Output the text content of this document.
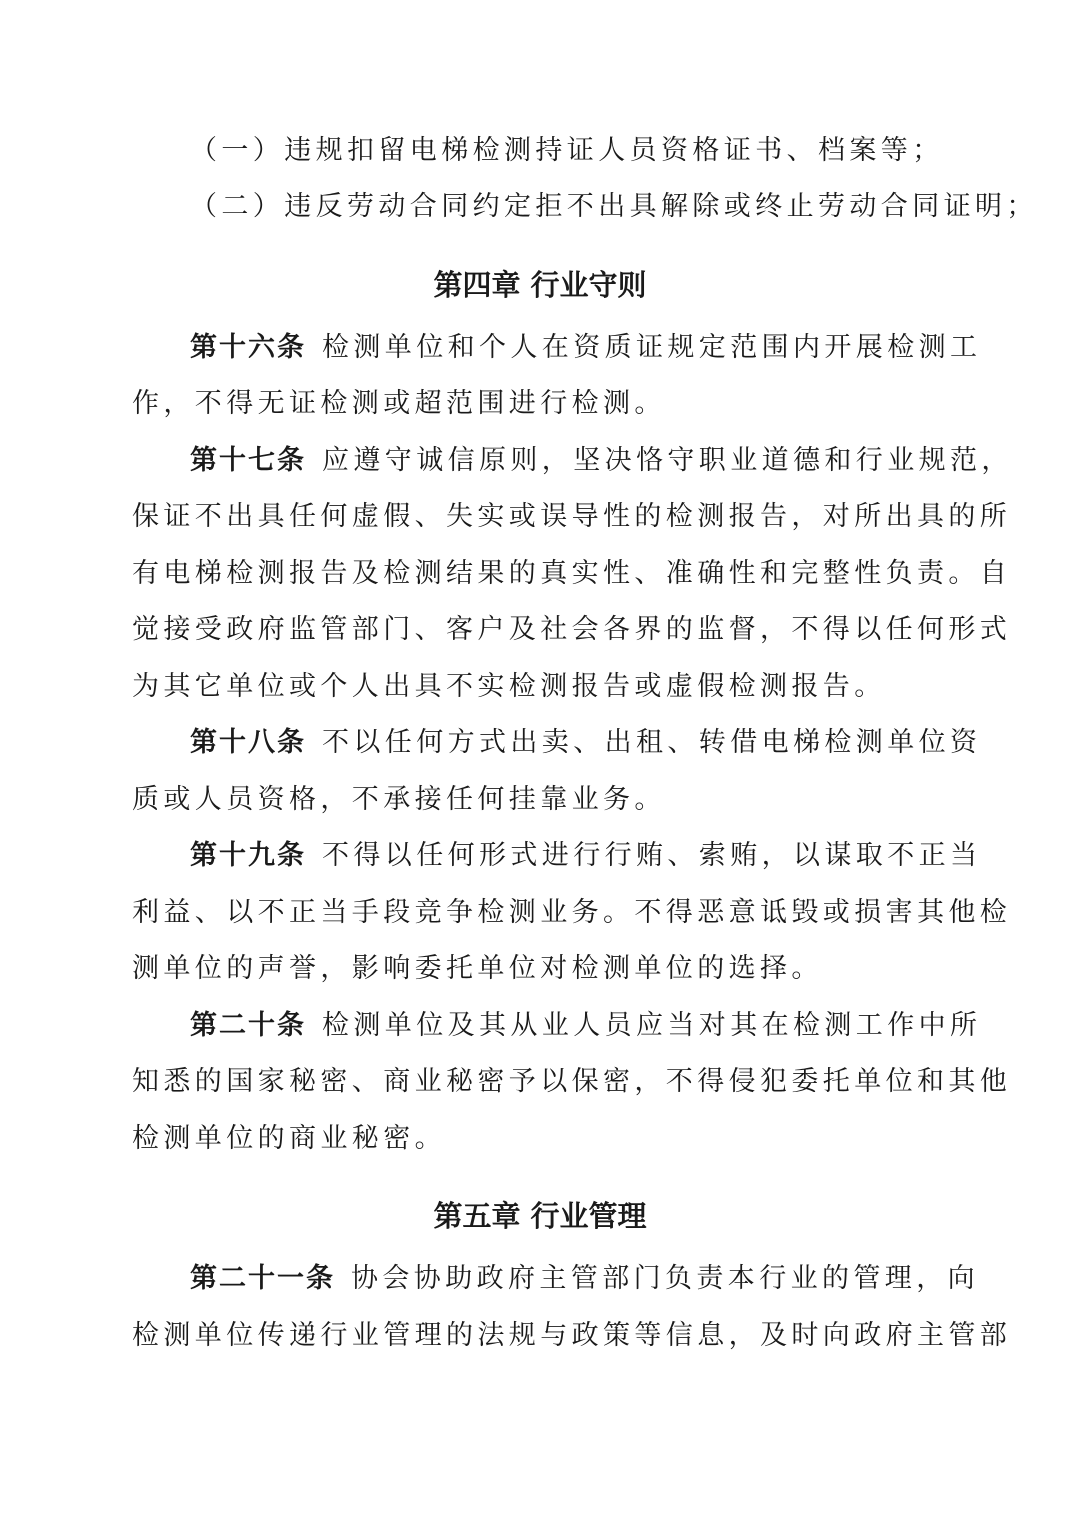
（一）违规扣留电梯检测持证人员资格证书、档案等；
（二）违反劳动合同约定拒不出具解除或终止劳动合同证明；
第四章 行业守则
第十六条 检测单位和个人在资质证规定范围内开展检测工
作，不得无证检测或超范围进行检测。
第十七条 应遵守诚信原则，坚决恪守职业道德和行业规范，
保证不出具任何虚假、失实或误导性的检测报告，对所出具的所
有电梯检测报告及检测结果的真实性、准确性和完整性负责。自
觉接受政府监管部门、客户及社会各界的监督，不得以任何形式
为其它单位或个人出具不实检测报告或虚假检测报告。
第十八条 不以任何方式出卖、出租、转借电梯检测单位资
质或人员资格，不承接任何挂靠业务。
第十九条 不得以任何形式进行行贿、索贿，以谋取不正当
利益、以不正当手段竞争检测业务。不得恶意诋毁或损害其他检
测单位的声誉，影响委托单位对检测单位的选择。
第二十条 检测单位及其从业人员应当对其在检测工作中所
知悉的国家秘密、商业秘密予以保密，不得侵犯委托单位和其他
检测单位的商业秘密。
第五章 行业管理
第二十一条 协会协助政府主管部门负责本行业的管理，向
检测单位传递行业管理的法规与政策等信息，及时向政府主管部
